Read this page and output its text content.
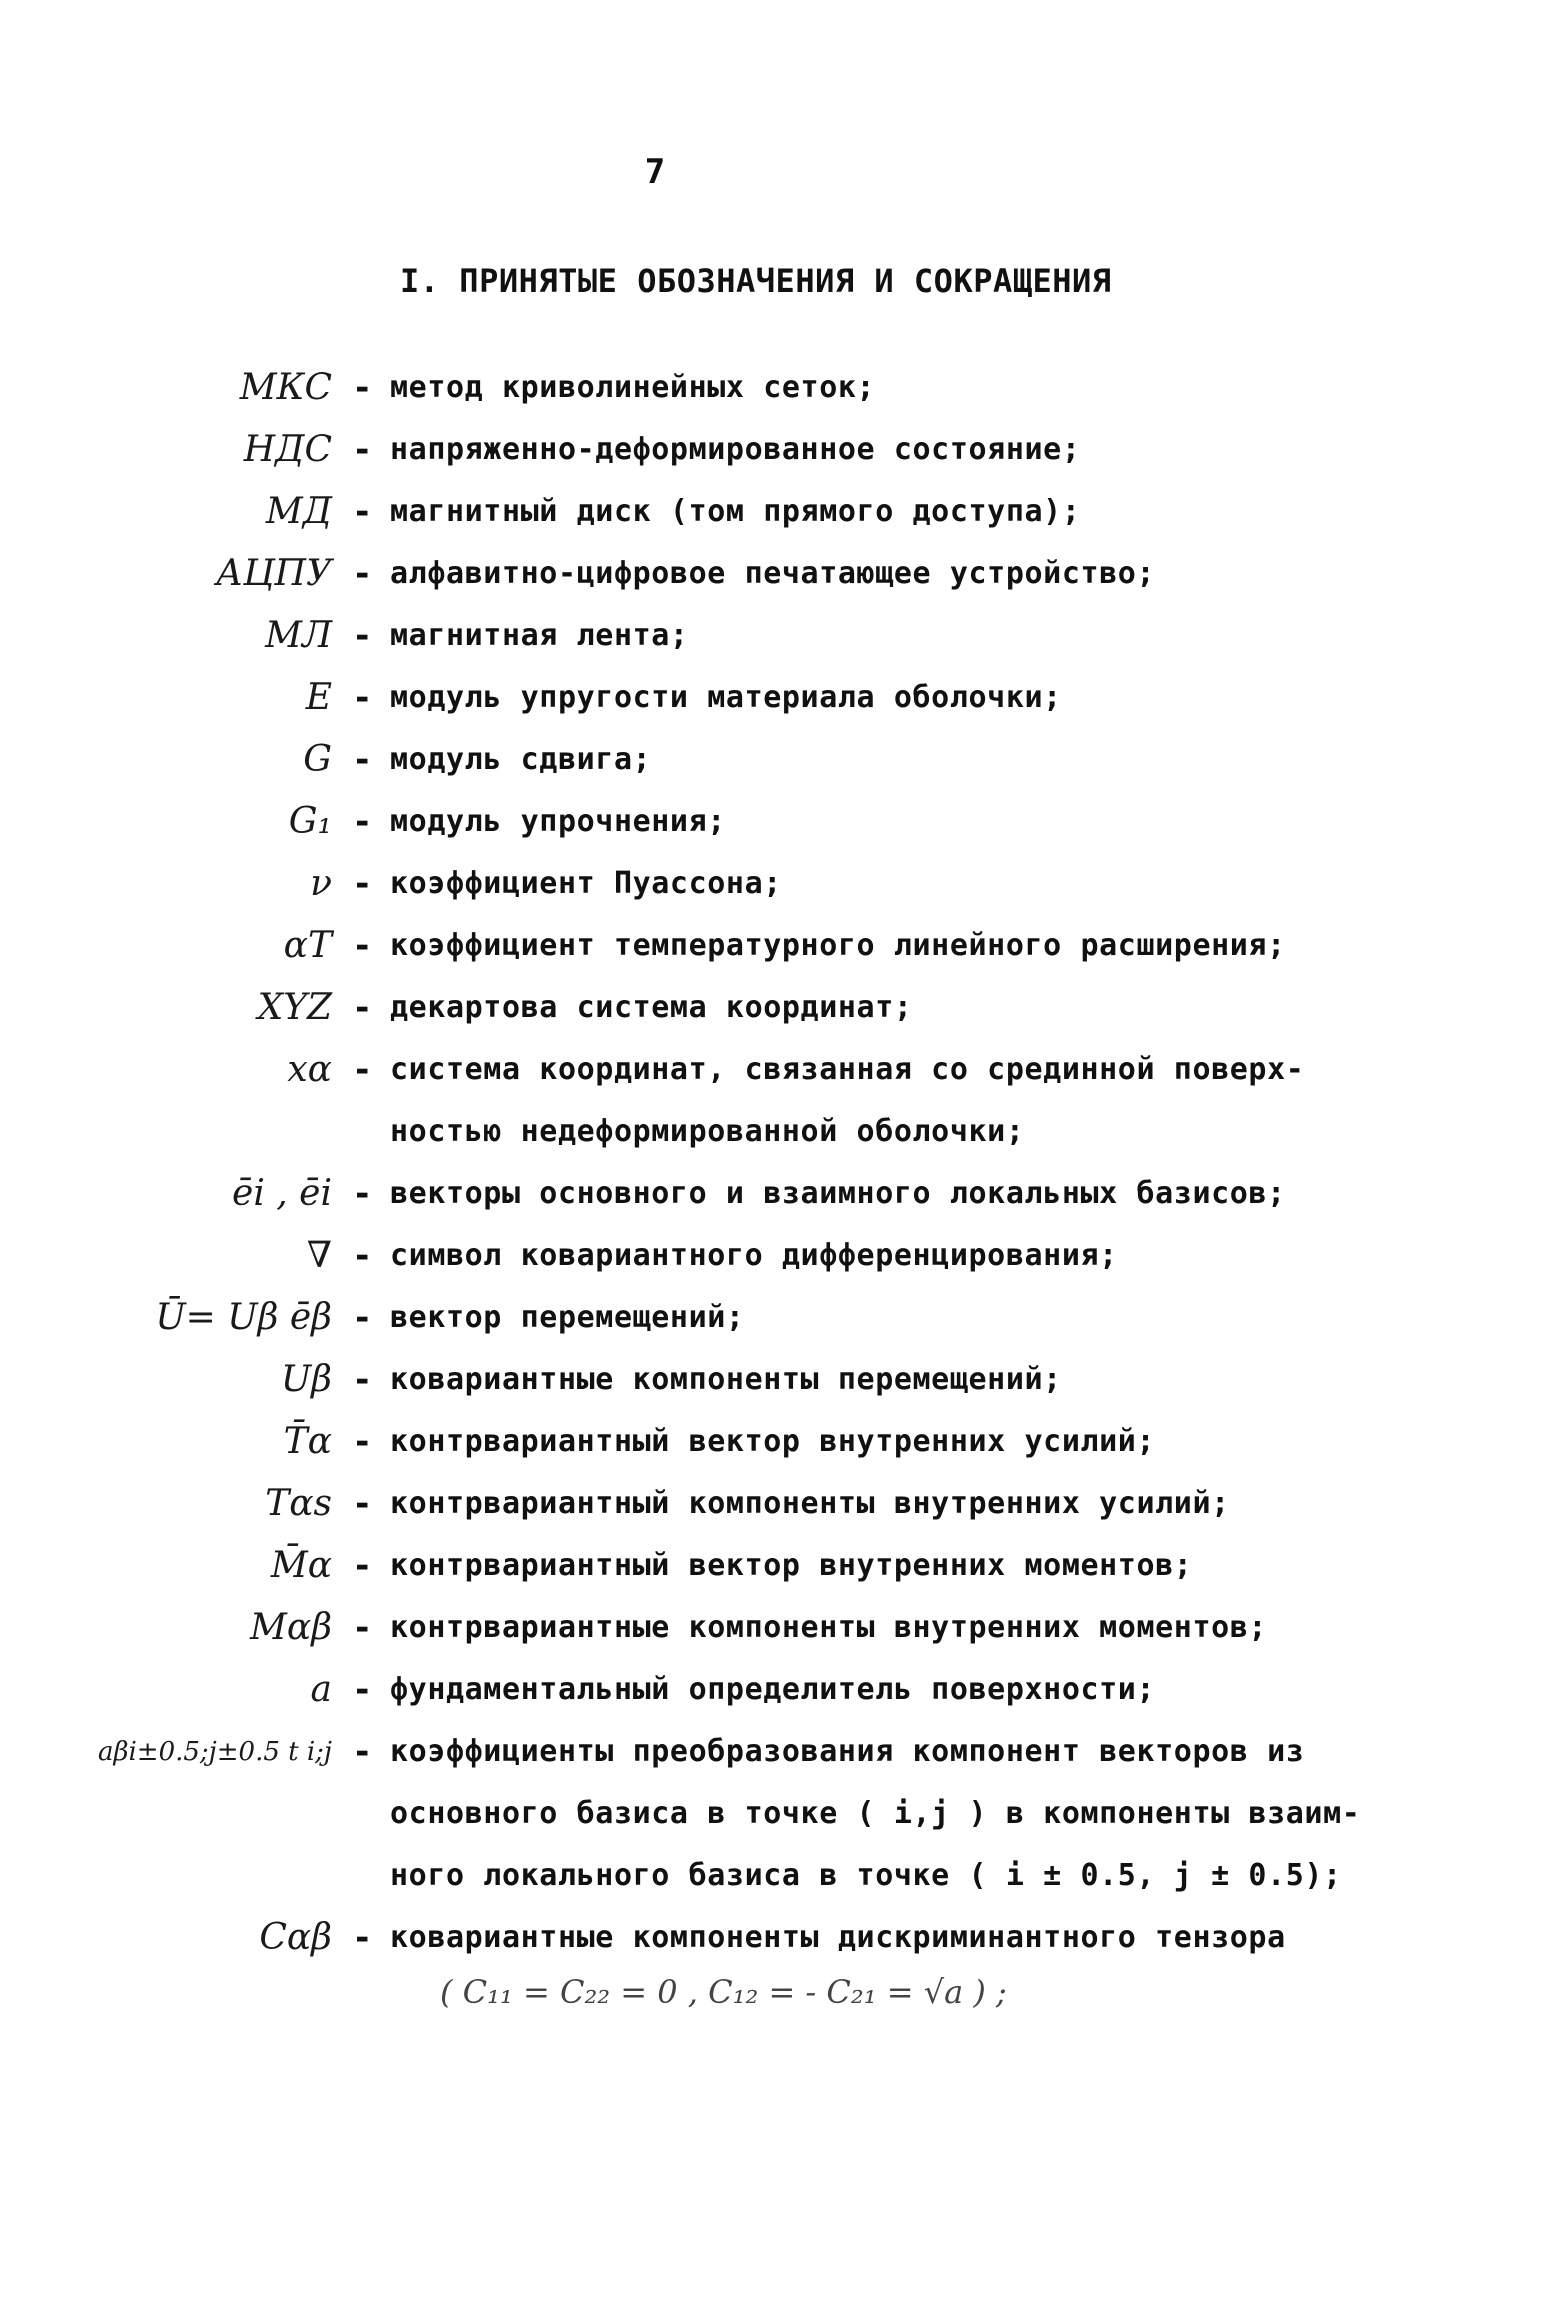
7
I. ПРИНЯТЫЕ ОБОЗНАЧЕНИЯ И СОКРАЩЕНИЯ
МКС - метод криволинейных сеток;
НДС - напряженно-деформированное состояние;
МД - магнитный диск (том прямого доступа);
АЦПУ - алфавитно-цифровое печатающее устройство;
МЛ - магнитная лента;
E - модуль упругости материала оболочки;
G - модуль сдвига;
G₁ - модуль упрочнения;
ν - коэффициент Пуассона;
αT - коэффициент температурного линейного расширения;
XYZ - декартова система координат;
xα - система координат, связанная со срединной поверх-
ностью недеформированной оболочки;
ēi , ēi - векторы основного и взаимного локальных базисов;
∇ - символ ковариантного дифференцирования;
Ū= Uβ ēβ - вектор перемещений;
Uβ - ковариантные компоненты перемещений;
T̄α - контрвариантный вектор внутренних усилий;
Tαs - контрвариантный компоненты внутренних усилий;
M̄α - контрвариантный вектор внутренних моментов;
Mαβ - контрвариантные компоненты внутренних моментов;
a - фундаментальный определитель поверхности;
aβi±0.5;j±0.5 t i;j - коэффициенты преобразования компонент векторов из
основного базиса в точке ( i,j ) в компоненты взаим-
ного локального базиса в точке ( i ± 0.5, j ± 0.5);
Cαβ - ковариантные компоненты дискриминантного тензора
( C₁₁ = C₂₂ = 0 , C₁₂ = - C₂₁ = √a ) ;
